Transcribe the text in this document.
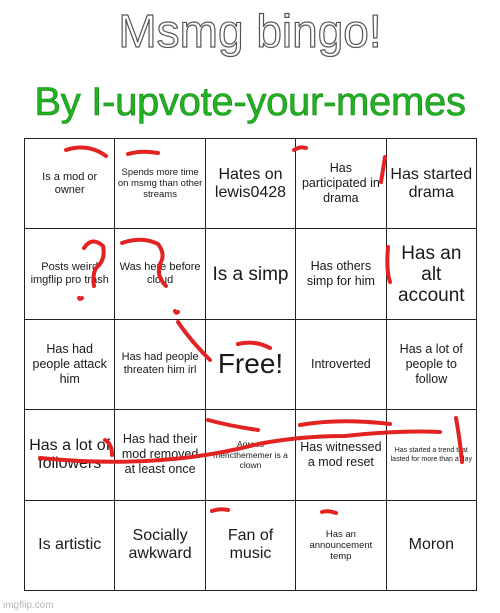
Msmg bingo!
By I-upvote-your-memes
Is a mod or owner
Spends more time on msmg than other streams
Hates on lewis0428
Has participated in drama
Has started drama
Posts weird imgflip pro trash
Was here before cloud	Is a simp	Has others simp for him
Has an alt account
Has had people attack him
Has had people threaten him irl Free! Introverted
Has a lot of people to follow
Has a lot of followers
Has had their mod removed at least once
Agrees mericthememer is a clown
Has witnessed a mod reset
Has started a trend that lasted for more than a day
Is artistic
Socially awkward
Fan of music
Has an announcement temp
Moron
imgflip.com
